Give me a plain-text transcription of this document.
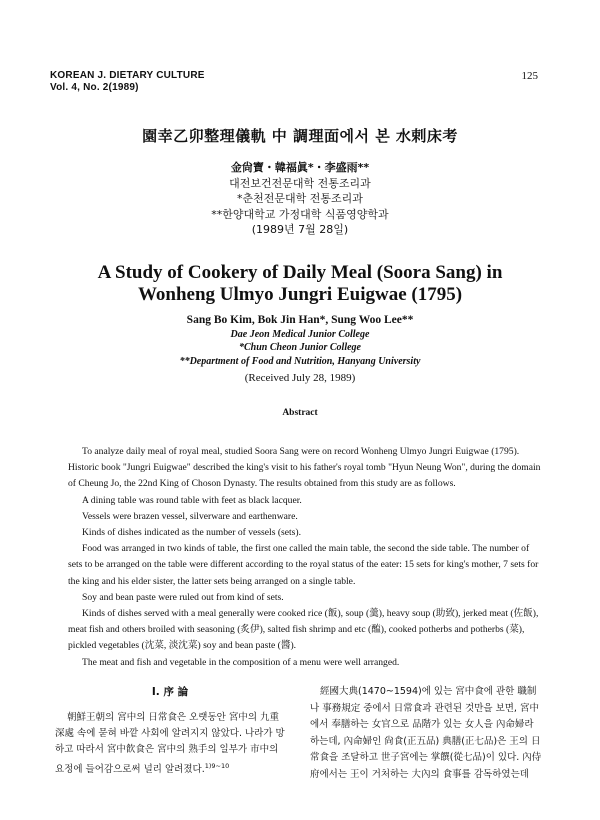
KOREAN J. DIETARY CULTURE
Vol. 4, No. 2(1989)
125
園幸乙卯整理儀軌 中 調理面에서 본 水剌床考
金尙寶・韓福眞*・李盛雨**
대전보건전문대학 전통조리과
*춘천전문대학 전통조리과
**한양대학교 가정대학 식품영양학과
(1989년 7월 28일)
A Study of Cookery of Daily Meal (Soora Sang) in
Wonheng Ulmyo Jungri Euigwae (1795)
Sang Bo Kim, Bok Jin Han*, Sung Woo Lee**
Dae Jeon Medical Junior College
*Chun Cheon Junior College
**Department of Food and Nutrition, Hanyang University
(Received July 28, 1989)
Abstract

To analyze daily meal of royal meal, studied Soora Sang were on record Wonheng Ulmyo Jungri Euigwae (1795). Historic book "Jungri Euigwae" described the king's visit to his father's royal tomb "Hyun Neung Won", during the domain of Cheung Jo, the 22nd King of Choson Dynasty. The results obtained from this study are as follows.

A dining table was round table with feet as black lacquer.

Vessels were brazen vessel, silverware and earthenware.

Kinds of dishes indicated as the number of vessels (sets).

Food was arranged in two kinds of table, the first one called the main table, the second the side table. The number of sets to be arranged on the table were different according to the royal status of the eater: 15 sets for king's mother, 7 sets for the king and his elder sister, the latter sets being arranged on a single table.

Soy and bean paste were ruled out from kind of sets.

Kinds of dishes served with a meal generally were cooked rice (飯), soup (羹), heavy soup (助致), jerked meat (佐飯), meat fish and others broiled with seasoning (炙伊), salted fish shrimp and etc (醢), cooked potherbs and potherbs (菜), pickled vegetables (沈菜, 淡沈菜) soy and bean paste (醬).

The meat and fish and vegetable in the composition of a menu were well arranged.

Ⅰ. 序 論

朝鮮王朝의 宮中의 日常食은 오랫동안 宮中의 九重深處 속에 묻혀 바깥 사회에 알려지지 않았다. 나라가 망하고 따라서 宮中飮食은 宮中의 熟手의 일부가 市中의 요정에 들어감으로써 널리 알려졌다.$^{1)9\sim 10}$

經國大典(1470~1594)에 있는 宮中食에 관한 職制나 事務規定 중에서 日常食과 관련된 것만을 보면, 宮中에서 奉膳하는 女官으로 品階가 있는 女人을 內命婦라 하는데, 內命婦인 尙食(正五品) 典膳(正七品)은 王의 日常食을 조달하고 世子宮에는 掌饌(從七品)이 있다. 內侍府에서는 王이 거처하는 大內의 食事를 감독하였는데
